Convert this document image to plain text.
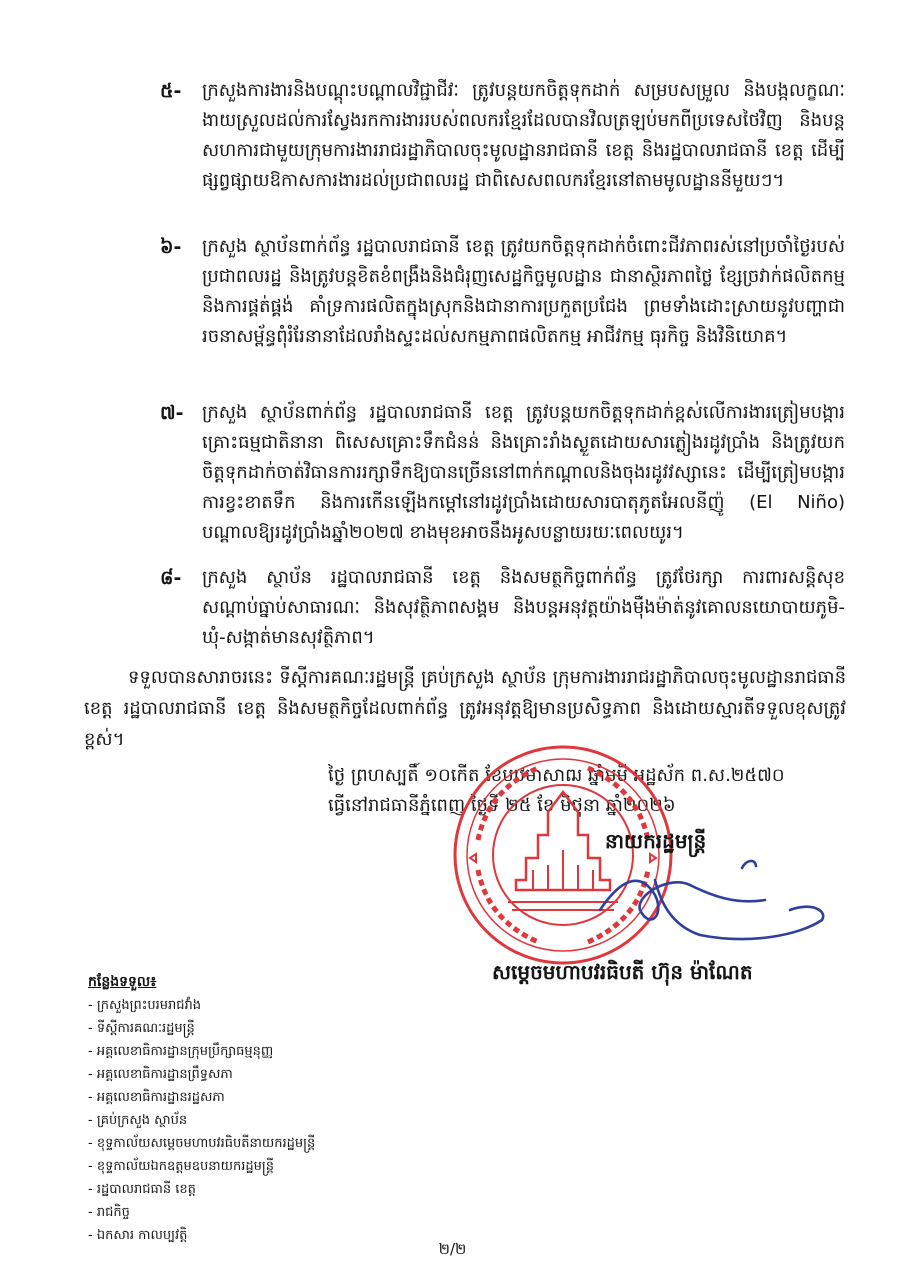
៥- ក្រសួងការងារនិងបណ្ដុះបណ្ដាលវិជ្ជាជីវៈ ត្រូវបន្តយកចិត្តទុកដាក់ សម្របសម្រួល និងបង្កលក្ខណៈងាយស្រួលដល់ការស្វែងរកការងាររបស់ពលករខ្មែរដែលបានវិលត្រឡប់មកពីប្រទេសថៃវិញ និងបន្តសហការជាមួយក្រុមការងាររាជរដ្ឋាភិបាលចុះមូលដ្ឋានរាជធានី ខេត្ត និងរដ្ឋបាលរាជធានី ខេត្ត ដើម្បីផ្សព្វផ្សាយឱកាសការងារដល់ប្រជាពលរដ្ឋ ជាពិសេសពលករខ្មែរនៅតាមមូលដ្ឋាននីមួយៗ។
៦- ក្រសួង ស្ថាប័នពាក់ព័ន្ធ រដ្ឋបាលរាជធានី ខេត្ត ត្រូវយកចិត្តទុកដាក់ចំពោះជីវភាពរស់នៅប្រចាំថ្ងៃរបស់ប្រជាពលរដ្ឋ និងត្រូវបន្តខិតខំពង្រឹងនិងជំរុញសេដ្ឋកិច្ចមូលដ្ឋាន ជានាស្ថិរភាពថ្លៃ ខ្សែច្រវាក់ផលិតកម្មនិងការផ្គត់ផ្គង់ គាំទ្រការផលិតក្នុងស្រុកនិងជានាការប្រកួតប្រជែង ព្រមទាំងដោះស្រាយនូវបញ្ហាជារចនាសម្ព័ន្ធពុំរំរែនានាដែលរាំងស្ទះដល់សកម្មភាពផលិតកម្ម អាជីវកម្ម ធុរកិច្ច និងវិនិយោគ។
៧- ក្រសួង ស្ថាប័នពាក់ព័ន្ធ រដ្ឋបាលរាជធានី ខេត្ត ត្រូវបន្តយកចិត្តទុកដាក់ខ្ពស់លើការងារត្រៀមបង្ការគ្រោះធម្មជាតិនានា ពិសេសគ្រោះទឹកជំនន់ និងគ្រោះរាំងស្ងួតដោយសារភ្លៀងរដូវប្រាំង និងត្រូវយកចិត្តទុកដាក់ចាត់វិធានការរក្សាទឹកឱ្យបានច្រើននៅពាក់កណ្ដាលនិងចុងរដូវវស្សានេះ ដើម្បីត្រៀមបង្ការការខ្វះខាតទឹក និងការកើនឡើងកម្ដៅនៅរដូវប្រាំងដោយសារបាតុភូតអែលនីញ៉ូ (El Niño) បណ្ដាលឱ្យរដូវប្រាំងឆ្នាំ២០២៧ ខាងមុខអាចនឹងអូសបន្លាយរយៈពេលយូរ។
៨- ក្រសួង ស្ថាប័ន រដ្ឋបាលរាជធានី ខេត្ត និងសមត្ថកិច្ចពាក់ព័ន្ធ ត្រូវថែរក្សា ការពារសន្តិសុខ សណ្ដាប់ធ្នាប់សាធារណៈ និងសុវត្ថិភាពសង្គម និងបន្តអនុវត្តយ៉ាងម៉ឺងម៉ាត់នូវគោលនយោបាយភូមិ-ឃុំ-សង្កាត់មានសុវត្ថិភាព។
ទទួលបានសារាចរនេះ ទីស្ដីការគណៈរដ្ឋមន្ត្រី គ្រប់ក្រសួង ស្ថាប័ន ក្រុមការងាររាជរដ្ឋាភិបាលចុះមូលដ្ឋានរាជធានី ខេត្ត រដ្ឋបាលរាជធានី ខេត្ត និងសមត្ថកិច្ចដែលពាក់ព័ន្ធ ត្រូវអនុវត្តឱ្យមានប្រសិទ្ធភាព និងដោយស្មារតីទទួលខុសត្រូវខ្ពស់។
ថ្ងៃ ព្រហស្បតិ៍ ១០កើត ខែបឋមាសាឍ ឆ្នាំមមី អដ្ឋស័ក ព.ស.២៥៧០
ធ្វើនៅរាជធានីភ្នំពេញ ថ្ងៃទី ២៥ ខែ មិថុនា ឆ្នាំ២០២៦
នាយករដ្ឋមន្ត្រី
សម្ដេចមហាបវរធិបតី ហ៊ុន ម៉ាណែត
កន្លែងទទួល៖
- ក្រសួងព្រះបរមរាជវាំង
- ទីស្ដីការគណៈរដ្ឋមន្ត្រី
- អគ្គលេខាធិការដ្ឋានក្រុមប្រឹក្សាធម្មនុញ្ញ
- អគ្គលេខាធិការដ្ឋានព្រឹទ្ធសភា
- អគ្គលេខាធិការដ្ឋានរដ្ឋសភា
- គ្រប់ក្រសួង ស្ថាប័ន
- ខុទ្ទកាល័យសម្ដេចមហាបវរធិបតីនាយករដ្ឋមន្ត្រី
- ខុទ្ទកាល័យឯកឧត្តមឧបនាយករដ្ឋមន្ត្រី
- រដ្ឋបាលរាជធានី ខេត្ត
- រាជកិច្ច
- ឯកសារ កាលប្បវត្តិ
២/២
